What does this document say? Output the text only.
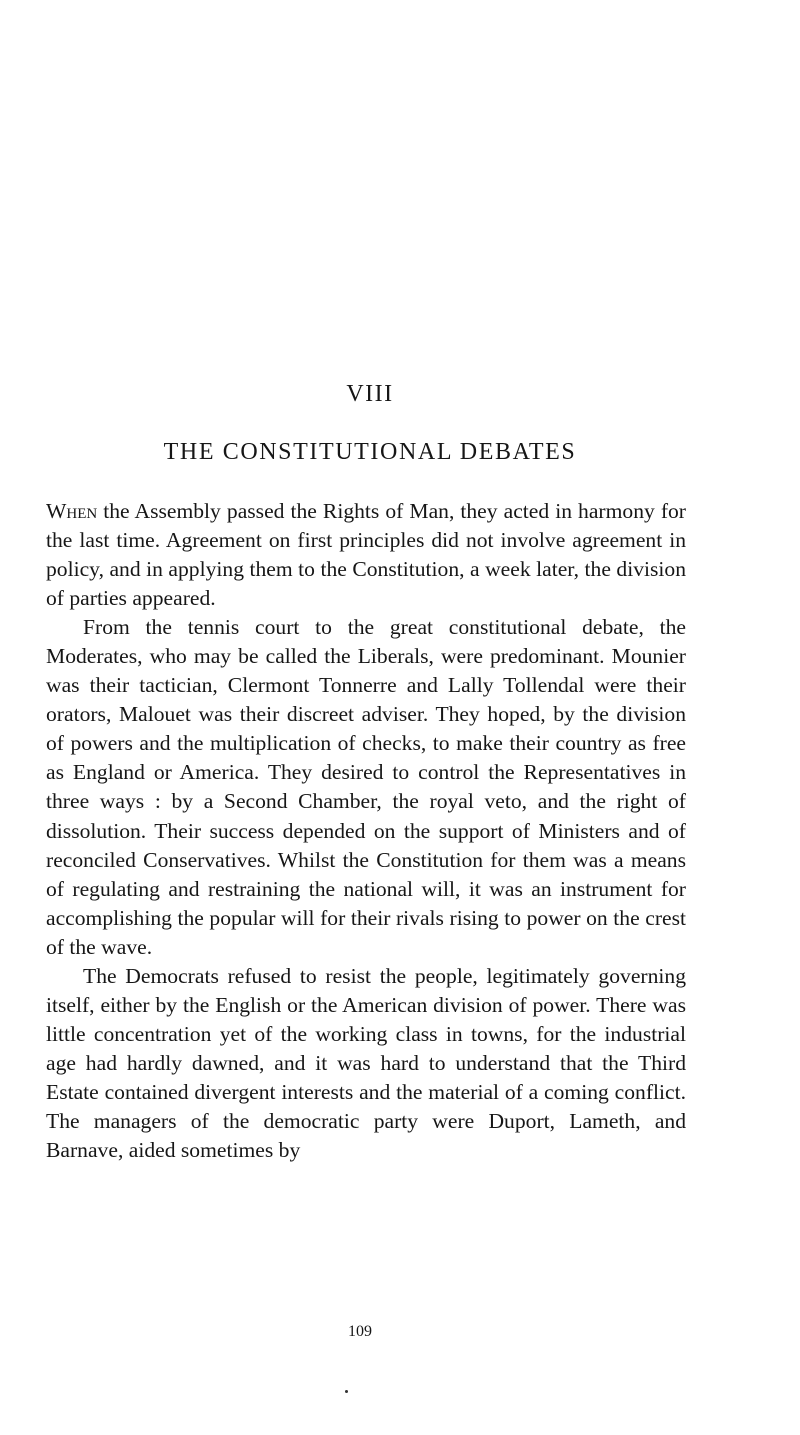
VIII
THE CONSTITUTIONAL DEBATES

When the Assembly passed the Rights of Man, they acted in harmony for the last time. Agreement on first principles did not involve agreement in policy, and in applying them to the Constitution, a week later, the division of parties appeared.

From the tennis court to the great constitutional debate, the Moderates, who may be called the Liberals, were predominant. Mounier was their tactician, Clermont Tonnerre and Lally Tollendal were their orators, Malouet was their discreet adviser. They hoped, by the division of powers and the multiplication of checks, to make their country as free as England or America. They desired to control the Representatives in three ways : by a Second Chamber, the royal veto, and the right of dissolution. Their success depended on the support of Ministers and of reconciled Conservatives. Whilst the Constitution for them was a means of regulating and restraining the national will, it was an instrument for accomplishing the popular will for their rivals rising to power on the crest of the wave.

The Democrats refused to resist the people, legitimately governing itself, either by the English or the American division of power. There was little concentration yet of the working class in towns, for the industrial age had hardly dawned, and it was hard to understand that the Third Estate contained divergent interests and the material of a coming conflict. The managers of the democratic party were Duport, Lameth, and Barnave, aided sometimes by

109
